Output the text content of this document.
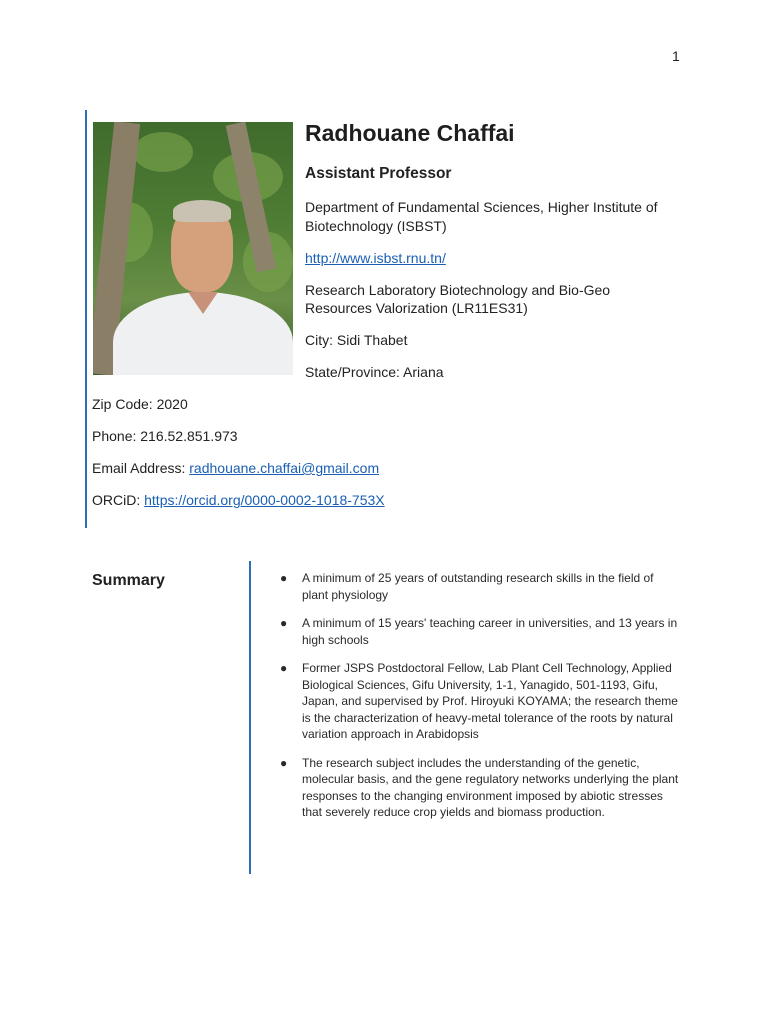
1
Radhouane Chaffai
Assistant Professor

Department of Fundamental Sciences, Higher Institute of

Biotechnology (ISBST)

http://www.isbst.rnu.tn/

Research Laboratory Biotechnology and Bio-Geo

Resources Valorization (LR11ES31)

City: Sidi Thabet

State/Province: Ariana

Zip Code: 2020

Phone: 216.52.851.973

Email Address: radhouane.chaffai@gmail.com

ORCiD: https://orcid.org/0000-0002-1018-753X

Summary	● A minimum of 25 years of outstanding research skills in the field of plant physiology
● A minimum of 15 years' teaching career in universities, and 13 years in high schools
● Former JSPS Postdoctoral Fellow, Lab Plant Cell Technology, Applied Biological Sciences, Gifu University, 1-1, Yanagido, 501-1193, Gifu, Japan, and supervised by Prof. Hiroyuki KOYAMA; the research theme is the characterization of heavy-metal tolerance of the roots by natural variation approach in Arabidopsis
● The research subject includes the understanding of the genetic, molecular basis, and the gene regulatory networks underlying the plant responses to the changing environment imposed by abiotic stresses that severely reduce crop yields and biomass production.
